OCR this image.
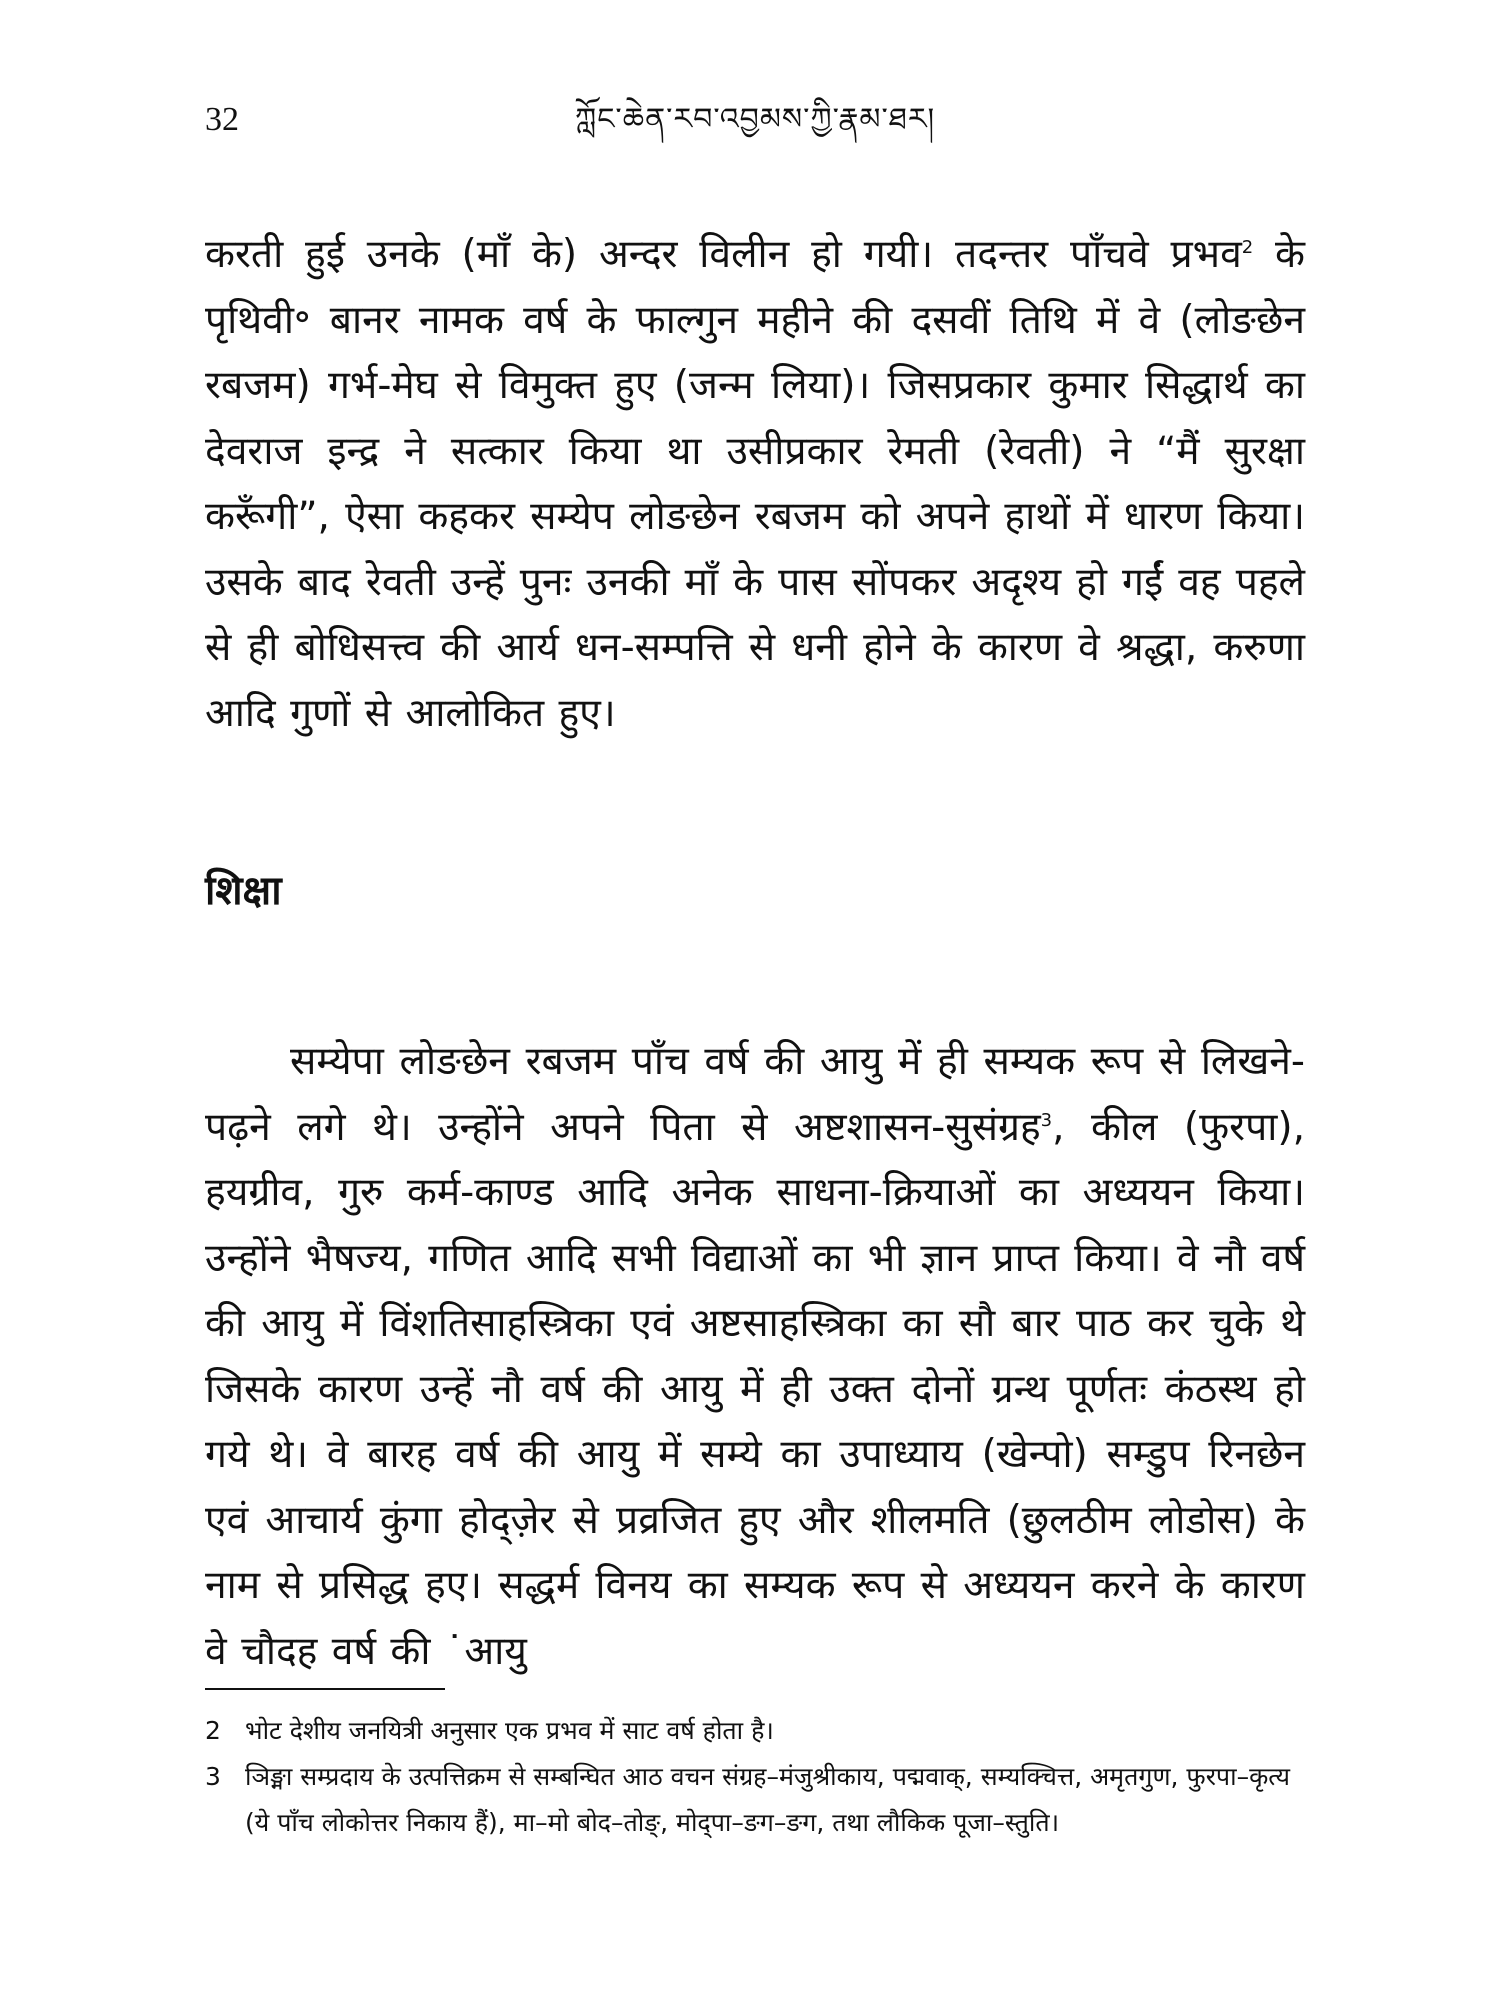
32	ཀློང་ཆེན་རབ་འབྱམས་ཀྱི་རྣམ་ཐར།

करती हुई उनके (माँ के) अन्दर विलीन हो गयी। तदन्तर पाँचवे प्रभव$^2$ के पृथिवी॰ बानर नामक वर्ष के फाल्गुन महीने की दसवीं तिथि में वे (लोङछेन रबजम) गर्भ-मेघ से विमुक्त हुए (जन्म लिया)। जिसप्रकार कुमार सिद्धार्थ का देवराज इन्द्र ने सत्कार किया था उसीप्रकार रेमती (रेवती) ने “मैं सुरक्षा करूँगी”, ऐसा कहकर सम्येप लोङछेन रबजम को अपने हाथों में धारण किया। उसके बाद रेवती उन्हें पुनः उनकी माँ के पास सोंपकर अदृश्य हो गईं वह पहले से ही बोधिसत्त्व की आर्य धन-सम्पत्ति से धनी होने के कारण वे श्रद्धा, करुणा आदि गुणों से आलोकित हुए।

शिक्षा

सम्येपा लोङछेन रबजम पाँच वर्ष की आयु में ही सम्यक रूप से लिखने-पढ़ने लगे थे। उन्होंने अपने पिता से अष्टशासन-सुसंग्रह$^3$, कील (फुरपा), हयग्रीव, गुरु कर्म-काण्ड आदि अनेक साधना-क्रियाओं का अध्ययन किया। उन्होंने भैषज्य, गणित आदि सभी विद्याओं का भी ज्ञान प्राप्त किया। वे नौ वर्ष की आयु में विंशतिसाहस्त्रिका एवं अष्टसाहस्त्रिका का सौ बार पाठ कर चुके थे जिसके कारण उन्हें नौ वर्ष की आयु में ही उक्त दोनों ग्रन्थ पूर्णतः कंठस्थ हो गये थे। वे बारह वर्ष की आयु में सम्ये का उपाध्याय (खेन्पो) सम्डुप रिनछेन एवं आचार्य कुंगा होद्ज़ेर से प्रव्रजित हुए और शीलमति (छुलठीम लोडोस) के नाम से प्रसिद्ध हए। सद्धर्म विनय का सम्यक रूप से अध्ययन करने के कारण वे चौदह वर्ष की ˙आयु

2 भोट देशीय जनयित्री अनुसार एक प्रभव में साट वर्ष होता है।

3 ञिङ्मा सम्प्रदाय के उत्पत्तिक्रम से सम्बन्घित आठ वचन संग्रह–मंजुश्रीकाय, पद्मवाक्, सम्यक्चित्त, अमृतगुण, फुरपा–कृत्य (ये पाँच लोकोत्तर निकाय हैं), मा–मो बोद–तोङ्, मोद्पा–ङग–ङग, तथा लौकिक पूजा–स्तुति।
